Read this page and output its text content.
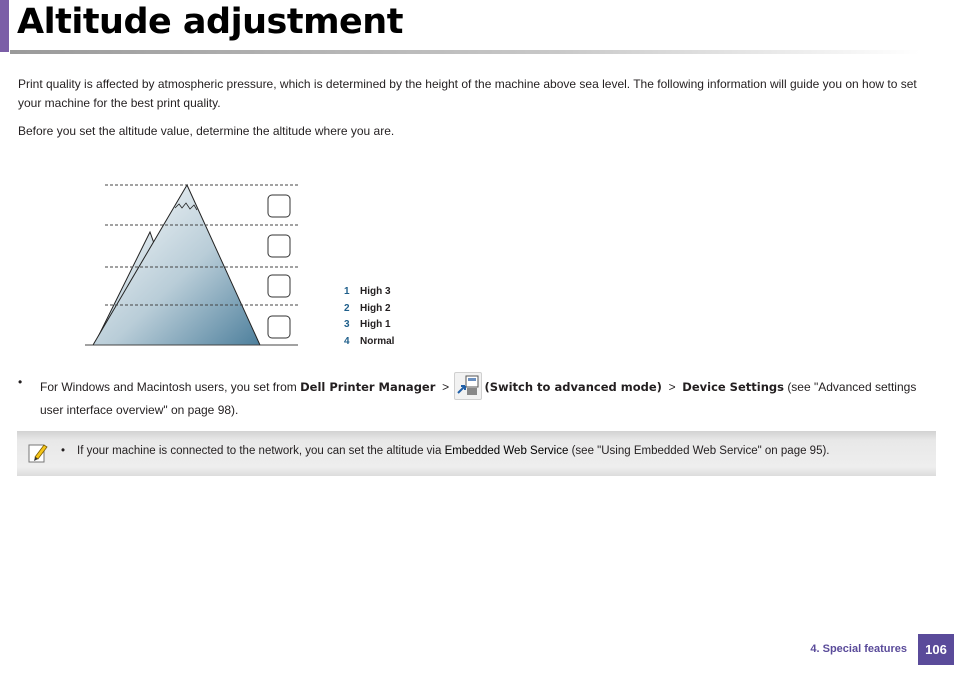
Altitude adjustment

Print quality is affected by atmospheric pressure, which is determined by the height of the machine above sea level. The following information will guide you on how to set your machine for the best print quality.

Before you set the altitude value, determine the altitude where you are.

1 High 3
2 High 2
3 High 1
4 Normal
• For Windows and Macintosh users, you set from Dell Printer Manager >	(Switch to advanced mode) > Device Settings (see "Advanced settings user interface overview" on page 98).
• If your machine is connected to the network, you can set the altitude via Embedded Web Service (see "Using Embedded Web Service" on page 95).
4. Special features	106
